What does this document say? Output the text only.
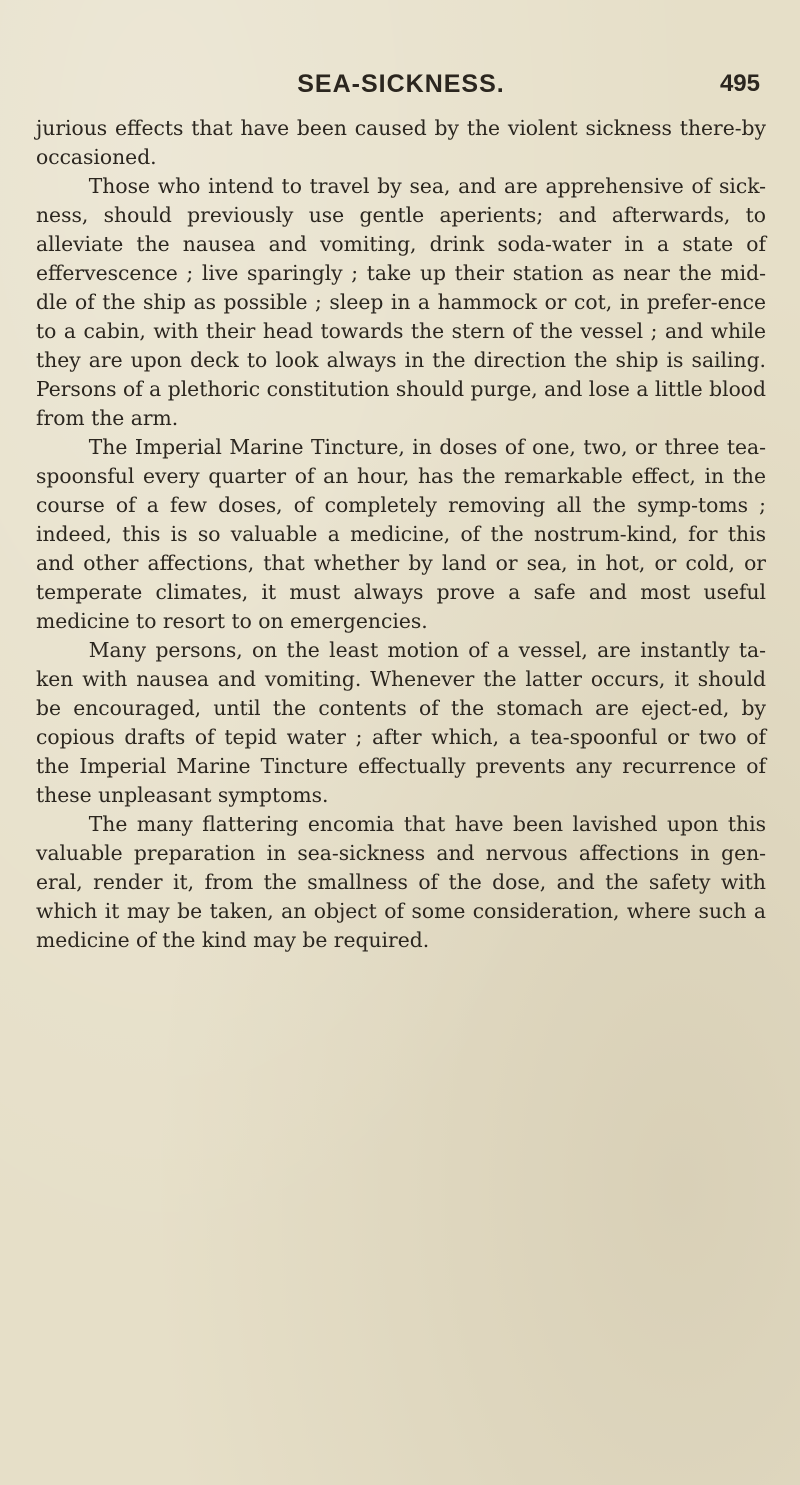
SEA-SICKNESS.	495

jurious effects that have been caused by the violent sickness there-by occasioned.

Those who intend to travel by sea, and are apprehensive of sick-ness, should previously use gentle aperients; and afterwards, to alleviate the nausea and vomiting, drink soda-water in a state of effervescence ; live sparingly ; take up their station as near the mid-dle of the ship as possible ; sleep in a hammock or cot, in prefer-ence to a cabin, with their head towards the stern of the vessel ; and while they are upon deck to look always in the direction the ship is sailing. Persons of a plethoric constitution should purge, and lose a little blood from the arm.

The Imperial Marine Tincture, in doses of one, two, or three tea-spoonsful every quarter of an hour, has the remarkable effect, in the course of a few doses, of completely removing all the symp-toms ; indeed, this is so valuable a medicine, of the nostrum-kind, for this and other affections, that whether by land or sea, in hot, or cold, or temperate climates, it must always prove a safe and most useful medicine to resort to on emergencies.

Many persons, on the least motion of a vessel, are instantly ta-ken with nausea and vomiting. Whenever the latter occurs, it should be encouraged, until the contents of the stomach are eject-ed, by copious drafts of tepid water ; after which, a tea-spoonful or two of the Imperial Marine Tincture effectually prevents any recurrence of these unpleasant symptoms.

The many flattering encomia that have been lavished upon this valuable preparation in sea-sickness and nervous affections in gen-eral, render it, from the smallness of the dose, and the safety with which it may be taken, an object of some consideration, where such a medicine of the kind may be required.
